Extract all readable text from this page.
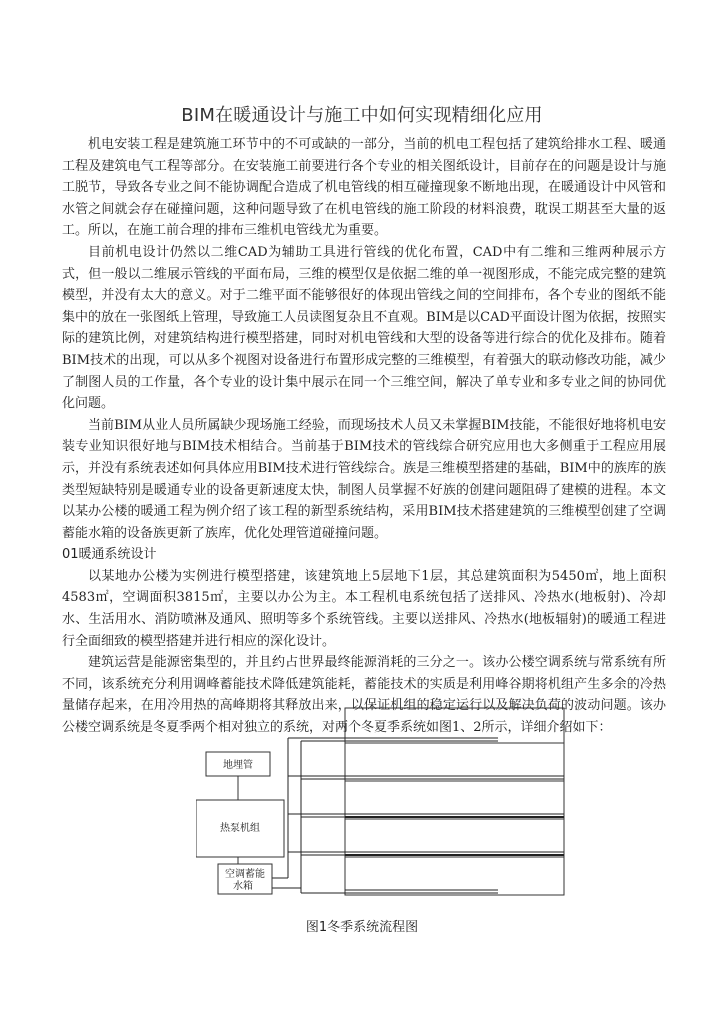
BIM在暖通设计与施工中如何实现精细化应用

机电安装工程是建筑施工环节中的不可或缺的一部分，当前的机电工程包括了建筑给排水工程、暖通工程及建筑电气工程等部分。在安装施工前要进行各个专业的相关图纸设计，目前存在的问题是设计与施工脱节，导致各专业之间不能协调配合造成了机电管线的相互碰撞现象不断地出现，在暖通设计中风管和水管之间就会存在碰撞问题，这种问题导致了在机电管线的施工阶段的材料浪费，耽误工期甚至大量的返工。所以，在施工前合理的排布三维机电管线尤为重要。

目前机电设计仍然以二维CAD为辅助工具进行管线的优化布置，CAD中有二维和三维两种展示方式，但一般以二维展示管线的平面布局，三维的模型仅是依据二维的单一视图形成，不能完成完整的建筑模型，并没有太大的意义。对于二维平面不能够很好的体现出管线之间的空间排布，各个专业的图纸不能集中的放在一张图纸上管理，导致施工人员读图复杂且不直观。BIM是以CAD平面设计图为依据，按照实际的建筑比例，对建筑结构进行模型搭建，同时对机电管线和大型的设备等进行综合的优化及排布。随着BIM技术的出现，可以从多个视图对设备进行布置形成完整的三维模型，有着强大的联动修改功能，减少了制图人员的工作量，各个专业的设计集中展示在同一个三维空间，解决了单专业和多专业之间的协同优化问题。

当前BIM从业人员所属缺少现场施工经验，而现场技术人员又未掌握BIM技能，不能很好地将机电安装专业知识很好地与BIM技术相结合。当前基于BIM技术的管线综合研究应用也大多侧重于工程应用展示，并没有系统表述如何具体应用BIM技术进行管线综合。族是三维模型搭建的基础，BIM中的族库的族类型短缺特别是暖通专业的设备更新速度太快，制图人员掌握不好族的创建问题阻碍了建模的进程。本文以某办公楼的暖通工程为例介绍了该工程的新型系统结构，采用BIM技术搭建建筑的三维模型创建了空调蓄能水箱的设备族更新了族库，优化处理管道碰撞问题。

01暖通系统设计

以某地办公楼为实例进行模型搭建，该建筑地上5层地下1层，其总建筑面积为5450㎡，地上面积4583㎡，空调面积3815㎡，主要以办公为主。本工程机电系统包括了送排风、冷热水(地板射)、冷却水、生活用水、消防喷淋及通风、照明等多个系统管线。主要以送排风、冷热水(地板辐射)的暖通工程进行全面细致的模型搭建并进行相应的深化设计。

建筑运营是能源密集型的，并且约占世界最终能源消耗的三分之一。该办公楼空调系统与常系统有所不同，该系统充分利用调峰蓄能技术降低建筑能耗，蓄能技术的实质是利用峰谷期将机组产生多余的冷热量储存起来，在用冷用热的高峰期将其释放出来，以保证机组的稳定运行以及解决负荷的波动问题。该办公楼空调系统是冬夏季两个相对独立的系统，对两个冬夏季系统如图1、2所示，详细介绍如下：

地埋管
热泵机组
空调蓄能
水箱
图1冬季系统流程图
